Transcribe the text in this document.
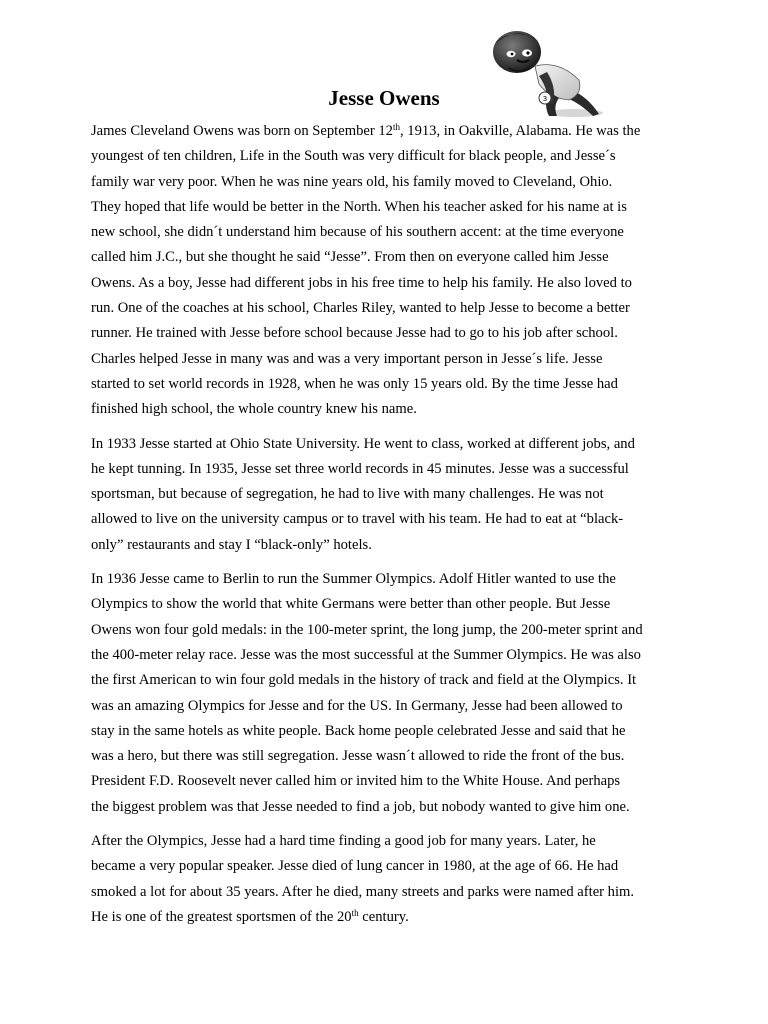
Jesse Owens	3

James Cleveland Owens was born on September 12th, 1913, in Oakville, Alabama. He was the
youngest of ten children, Life in the South was very difficult for black people, and Jesse´s
family war very poor. When he was nine years old, his family moved to Cleveland, Ohio.
They hoped that life would be better in the North. When his teacher asked for his name at is
new school, she didn´t understand him because of his southern accent: at the time everyone
called him J.C., but she thought he said “Jesse”. From then on everyone called him Jesse
Owens. As a boy, Jesse had different jobs in his free time to help his family. He also loved to
run. One of the coaches at his school, Charles Riley, wanted to help Jesse to become a better
runner. He trained with Jesse before school because Jesse had to go to his job after school.
Charles helped Jesse in many was and was a very important person in Jesse´s life. Jesse
started to set world records in 1928, when he was only 15 years old. By the time Jesse had
finished high school, the whole country knew his name.

In 1933 Jesse started at Ohio State University. He went to class, worked at different jobs, and
he kept tunning. In 1935, Jesse set three world records in 45 minutes. Jesse was a successful
sportsman, but because of segregation, he had to live with many challenges. He was not
allowed to live on the university campus or to travel with his team. He had to eat at “black-
only” restaurants and stay I “black-only” hotels.

In 1936 Jesse came to Berlin to run the Summer Olympics. Adolf Hitler wanted to use the
Olympics to show the world that white Germans were better than other people. But Jesse
Owens won four gold medals: in the 100-meter sprint, the long jump, the 200-meter sprint and
the 400-meter relay race. Jesse was the most successful at the Summer Olympics. He was also
the first American to win four gold medals in the history of track and field at the Olympics. It
was an amazing Olympics for Jesse and for the US. In Germany, Jesse had been allowed to
stay in the same hotels as white people. Back home people celebrated Jesse and said that he
was a hero, but there was still segregation. Jesse wasn´t allowed to ride the front of the bus.
President F.D. Roosevelt never called him or invited him to the White House. And perhaps
the biggest problem was that Jesse needed to find a job, but nobody wanted to give him one.

After the Olympics, Jesse had a hard time finding a good job for many years. Later, he
became a very popular speaker. Jesse died of lung cancer in 1980, at the age of 66. He had
smoked a lot for about 35 years. After he died, many streets and parks were named after him.
He is one of the greatest sportsmen of the 20th century.
